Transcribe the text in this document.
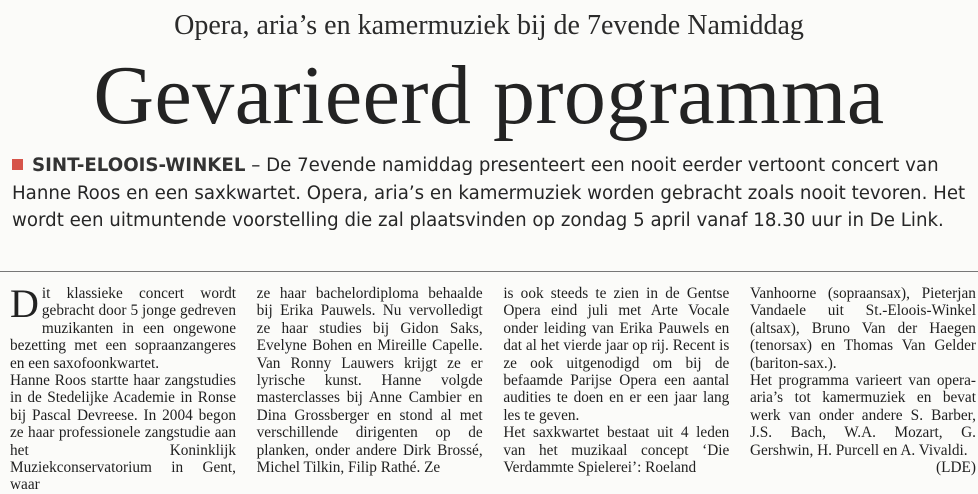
Opera, aria’s en kamermuziek bij de 7evende Namiddag
Gevarieerd programma
SINT-ELOOIS-WINKEL – De 7evende namiddag presenteert een nooit eerder vertoont concert van Hanne Roos en een saxkwartet. Opera, aria’s en kamermuziek worden gebracht zoals nooit tevoren. Het wordt een uitmuntende voorstelling die zal plaatsvinden op zondag 5 april vanaf 18.30 uur in De Link.

Dit klassieke concert wordt gebracht door 5 jonge gedreven muzikanten in een ongewone bezetting met een sopraanzangeres en een saxofoonkwartet.

Hanne Roos startte haar zangstudies in de Stedelijke Academie in Ronse bij Pascal Devreese. In 2004 begon ze haar professionele zangstudie aan het Koninklijk Muziekconservatorium in Gent, waar

ze haar bachelordiploma behaalde bij Erika Pauwels. Nu vervolledigt ze haar studies bij Gidon Saks, Evelyne Bohen en Mireille Capelle. Van Ronny Lauwers krijgt ze er lyrische kunst. Hanne volgde masterclasses bij Anne Cambier en Dina Grossberger en stond al met verschillende dirigenten op de planken, onder andere Dirk Brossé, Michel Tilkin, Filip Rathé. Ze

is ook steeds te zien in de Gentse Opera eind juli met Arte Vocale onder leiding van Erika Pauwels en dat al het vierde jaar op rij. Recent is ze ook uitgenodigd om bij de befaamde Parijse Opera een aantal audities te doen en er een jaar lang les te geven.

Het saxkwartet bestaat uit 4 leden van het muzikaal concept ‘Die Verdammte Spielerei’: Roeland

Vanhoorne (sopraansax), Pieterjan Vandaele uit St.-Eloois-Winkel (altsax), Bruno Van der Haegen (tenorsax) en Thomas Van Gelder (bariton-sax.).

Het programma varieert van opera-aria’s tot kamermuziek en bevat werk van onder andere S. Barber, J.S. Bach, W.A. Mozart, G. Gershwin, H. Purcell en A. Vivaldi.
(LDE)
